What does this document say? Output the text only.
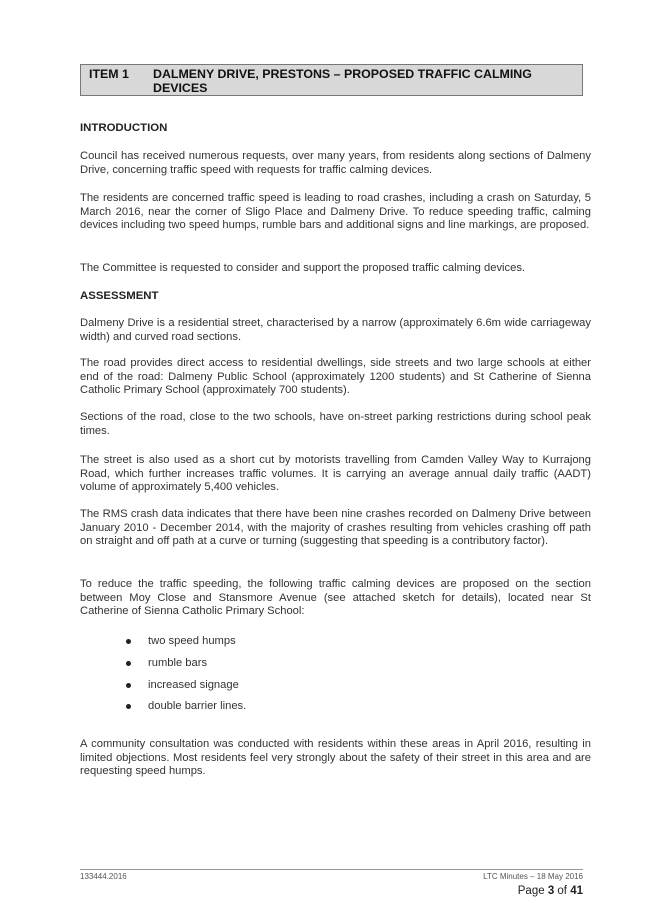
ITEM 1 DALMENY DRIVE, PRESTONS – PROPOSED TRAFFIC CALMING DEVICES
INTRODUCTION

Council has received numerous requests, over many years, from residents along sections of Dalmeny Drive, concerning traffic speed with requests for traffic calming devices.

The residents are concerned traffic speed is leading to road crashes, including a crash on Saturday, 5 March 2016, near the corner of Sligo Place and Dalmeny Drive. To reduce speeding traffic, calming devices including two speed humps, rumble bars and additional signs and line markings, are proposed.

The Committee is requested to consider and support the proposed traffic calming devices.

ASSESSMENT

Dalmeny Drive is a residential street, characterised by a narrow (approximately 6.6m wide carriageway width) and curved road sections.

The road provides direct access to residential dwellings, side streets and two large schools at either end of the road: Dalmeny Public School (approximately 1200 students) and St Catherine of Sienna Catholic Primary School (approximately 700 students).

Sections of the road, close to the two schools, have on-street parking restrictions during school peak times.

The street is also used as a short cut by motorists travelling from Camden Valley Way to Kurrajong Road, which further increases traffic volumes. It is carrying an average annual daily traffic (AADT) volume of approximately 5,400 vehicles.

The RMS crash data indicates that there have been nine crashes recorded on Dalmeny Drive between January 2010 - December 2014, with the majority of crashes resulting from vehicles crashing off path on straight and off path at a curve or turning (suggesting that speeding is a contributory factor).

To reduce the traffic speeding, the following traffic calming devices are proposed on the section between Moy Close and Stansmore Avenue (see attached sketch for details), located near St Catherine of Sienna Catholic Primary School:

two speed humps
rumble bars
increased signage
double barrier lines.

A community consultation was conducted with residents within these areas in April 2016, resulting in limited objections. Most residents feel very strongly about the safety of their street in this area and are requesting speed humps.

133444.2016	LTC Minutes – 18 May 2016
Page 3 of 41
